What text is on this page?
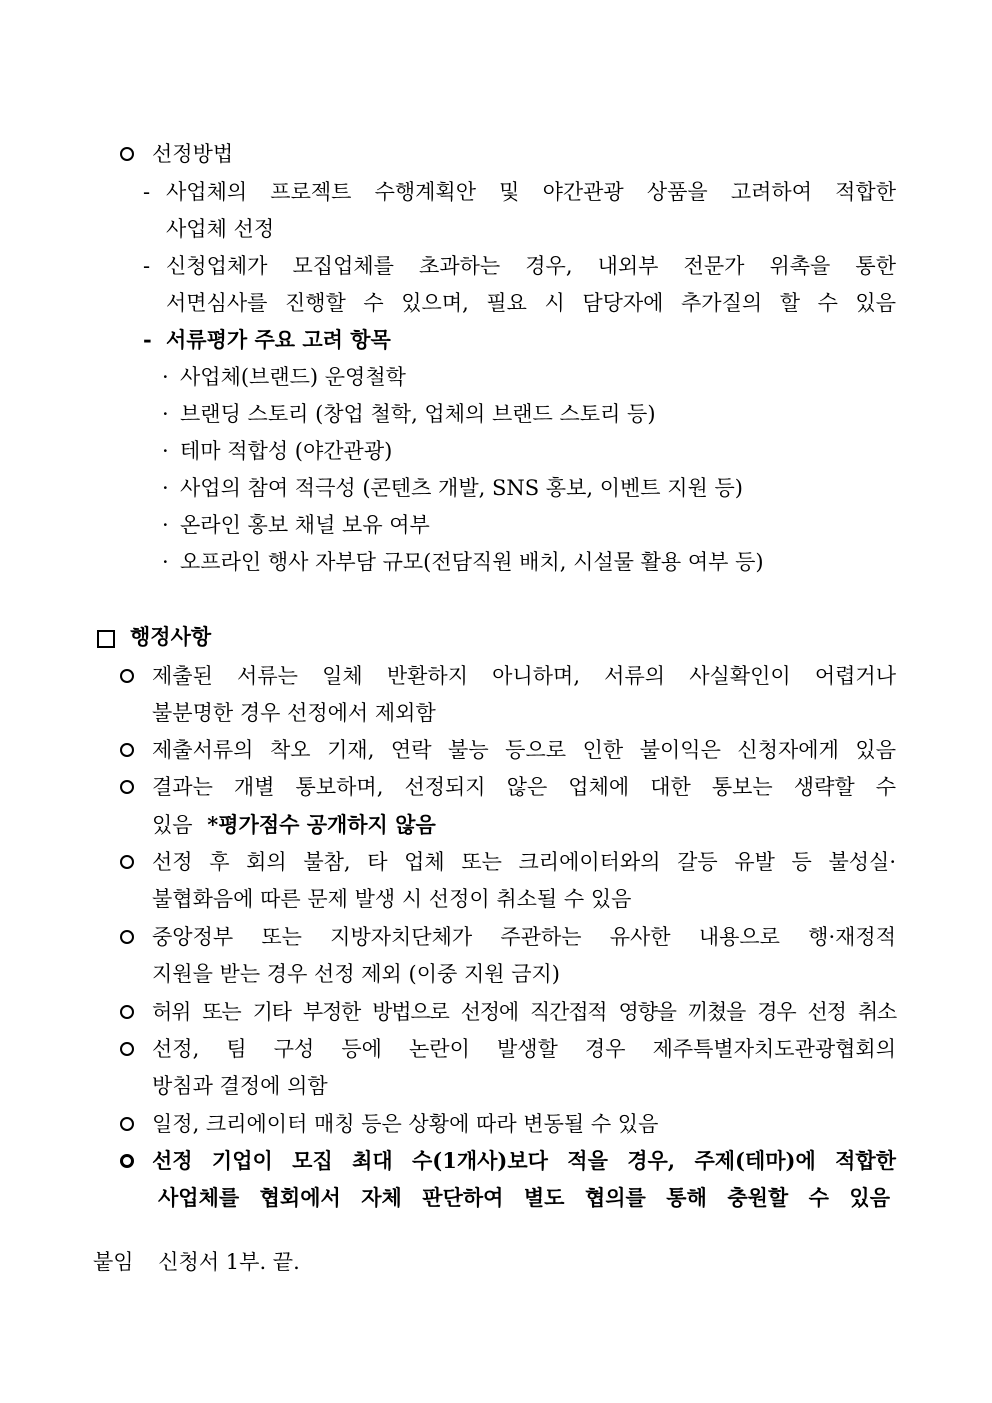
선정방법
- 사업체의 프로젝트 수행계획안 및 야간관광 상품을 고려하여 적합한
사업체 선정
- 신청업체가 모집업체를 초과하는 경우, 내외부 전문가 위촉을 통한
서면심사를 진행할 수 있으며, 필요 시 담당자에 추가질의 할 수 있음
- 서류평가 주요 고려 항목
· 사업체(브랜드) 운영철학
· 브랜딩 스토리 (창업 철학, 업체의 브랜드 스토리 등)
· 테마 적합성 (야간관광)
· 사업의 참여 적극성 (콘텐츠 개발, SNS 홍보, 이벤트 지원 등)
· 온라인 홍보 채널 보유 여부
· 오프라인 행사 자부담 규모(전담직원 배치, 시설물 활용 여부 등)
행정사항
제출된 서류는 일체 반환하지 아니하며, 서류의 사실확인이 어렵거나
불분명한 경우 선정에서 제외함
제출서류의 착오 기재, 연락 불능 등으로 인한 불이익은 신청자에게 있음
결과는 개별 통보하며, 선정되지 않은 업체에 대한 통보는 생략할 수
있음 *평가점수 공개하지 않음
선정 후 회의 불참, 타 업체 또는 크리에이터와의 갈등 유발 등 불성실·
불협화음에 따른 문제 발생 시 선정이 취소될 수 있음
중앙정부 또는 지방자치단체가 주관하는 유사한 내용으로 행·재정적
지원을 받는 경우 선정 제외 (이중 지원 금지)
허위 또는 기타 부정한 방법으로 선정에 직간접적 영향을 끼쳤을 경우 선정 취소
선정, 팀 구성 등에 논란이 발생할 경우 제주특별자치도관광협회의
방침과 결정에 의함
일정, 크리에이터 매칭 등은 상황에 따라 변동될 수 있음
선정 기업이 모집 최대 수(1개사)보다 적을 경우, 주제(테마)에 적합한
사업체를 협회에서 자체 판단하여 별도 협의를 통해 충원할 수 있음
붙임 신청서 1부. 끝.
